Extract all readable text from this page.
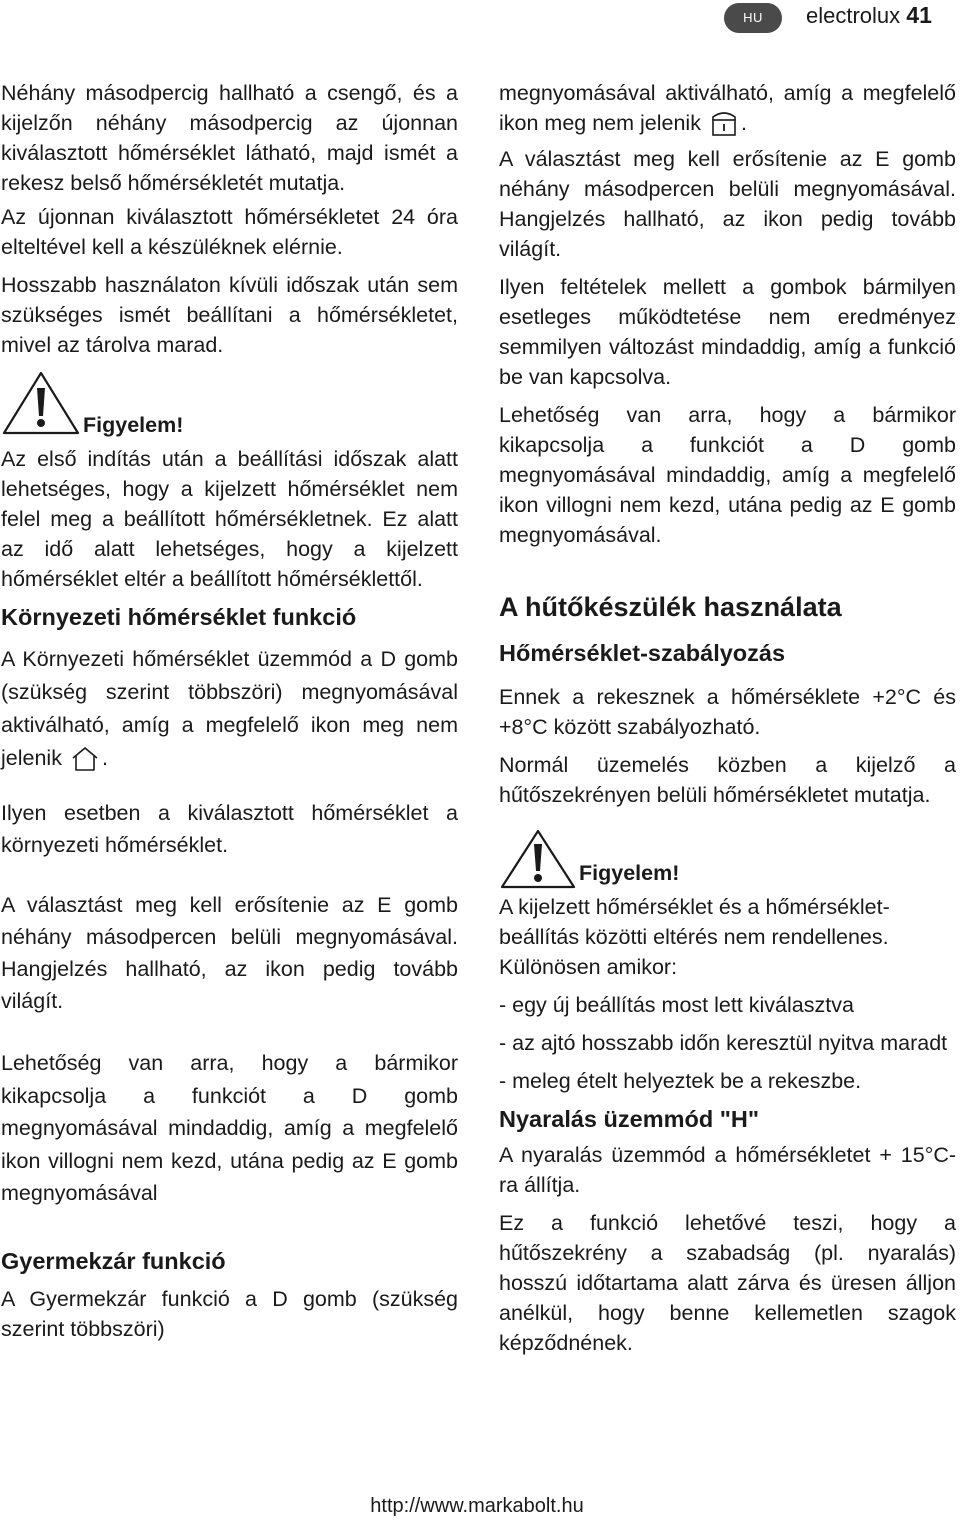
HU	electrolux 41

Néhány másodpercig hallható a csengő, és a kijelzőn néhány másodpercig az újonnan kiválasztott hőmérséklet látható, majd ismét a rekesz belső hőmérsékletét mutatja.

Az újonnan kiválasztott hőmérsékletet 24 óra elteltével kell a készüléknek elérnie.

Hosszabb használaton kívüli időszak után sem szükséges ismét beállítani a hőmérsékletet, mivel az tárolva marad.

Figyelem!

Az első indítás után a beállítási időszak alatt lehetséges, hogy a kijelzett hőmérséklet nem felel meg a beállított hőmérsékletnek. Ez alatt az idő alatt lehetséges, hogy a kijelzett hőmérséklet eltér a beállított hőmérséklettől.

Környezeti hőmérséklet funkció

A Környezeti hőmérséklet üzemmód a D gomb (szükség szerint többszöri) megnyomásával aktiválható, amíg a megfelelő ikon meg nem jelenik .

Ilyen esetben a kiválasztott hőmérséklet a környezeti hőmérséklet.

A választást meg kell erősítenie az E gomb néhány másodpercen belüli megnyomásával. Hangjelzés hallható, az ikon pedig tovább világít.

Lehetőség van arra, hogy a bármikor kikapcsolja a funkciót a D gomb megnyomásával mindaddig, amíg a megfelelő ikon villogni nem kezd, utána pedig az E gomb megnyomásával

Gyermekzár funkció

A Gyermekzár funkció a D gomb (szükség szerint többszöri)

megnyomásával aktiválható, amíg a megfelelő ikon meg nem jelenik .

A választást meg kell erősítenie az E gomb néhány másodpercen belüli megnyomásával. Hangjelzés hallható, az ikon pedig tovább világít.

Ilyen feltételek mellett a gombok bármilyen esetleges működtetése nem eredményez semmilyen változást mindaddig, amíg a funkció be van kapcsolva.

Lehetőség van arra, hogy a bármikor kikapcsolja a funkciót a D gomb megnyomásával mindaddig, amíg a megfelelő ikon villogni nem kezd, utána pedig az E gomb megnyomásával.

A hűtőkészülék használata
Hőmérséklet-szabályozás

Ennek a rekesznek a hőmérséklete +2°C és +8°C között szabályozható.

Normál üzemelés közben a kijelző a hűtőszekrényen belüli hőmérsékletet mutatja.

Figyelem!

A kijelzett hőmérséklet és a hőmérséklet-beállítás közötti eltérés nem rendellenes. Különösen amikor:

- egy új beállítás most lett kiválasztva

- az ajtó hosszabb időn keresztül nyitva maradt

- meleg ételt helyeztek be a rekeszbe.

Nyaralás üzemmód "H"

A nyaralás üzemmód a hőmérsékletet + 15°C-ra állítja.

Ez a funkció lehetővé teszi, hogy a hűtőszekrény a szabadság (pl. nyaralás) hosszú időtartama alatt zárva és üresen álljon anélkül, hogy benne kellemetlen szagok képződnének.

http://www.markabolt.hu
